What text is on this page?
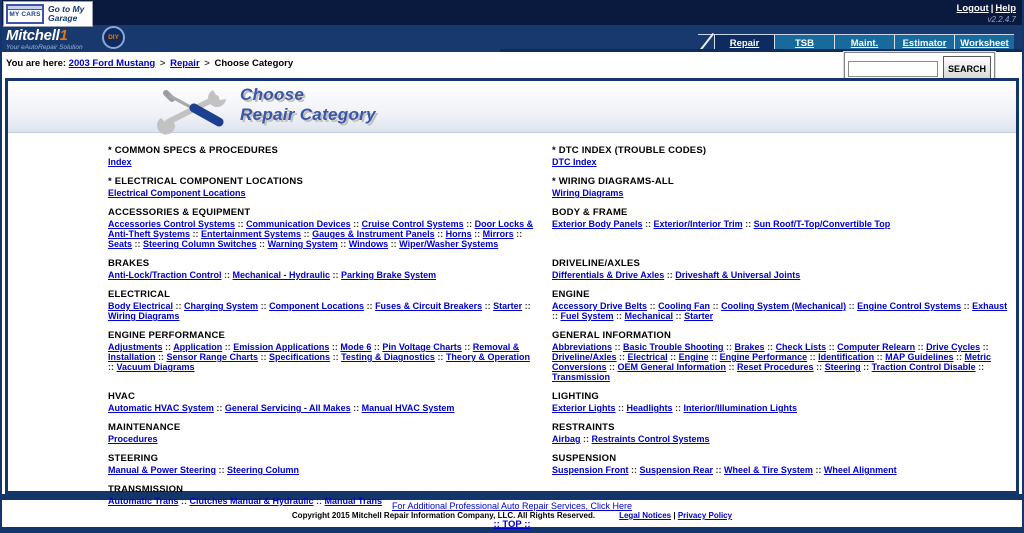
MY CARS
Go to My Garage
Logout | Help
v2.2.4.7
Mitchell1
Your eAutoRepair Solution
DIY
Repair	TSB	Maint.	Estimator	Worksheet
You are here: 2003 Ford Mustang > Repair > Choose Category	SEARCH
Choose
Repair Category
* COMMON SPECS & PROCEDURES
Index
* DTC INDEX (TROUBLE CODES)
DTC Index
* ELECTRICAL COMPONENT LOCATIONS
Electrical Component Locations
* WIRING DIAGRAMS-ALL
Wiring Diagrams
ACCESSORIES & EQUIPMENT
Accessories Control Systems :: Communication Devices :: Cruise Control Systems :: Door Locks & Anti-Theft Systems :: Entertainment Systems :: Gauges & Instrument Panels :: Horns :: Mirrors :: Seats :: Steering Column Switches :: Warning System :: Windows :: Wiper/Washer Systems
BODY & FRAME
Exterior Body Panels :: Exterior/Interior Trim :: Sun Roof/T-Top/Convertible Top
BRAKES
Anti-Lock/Traction Control :: Mechanical - Hydraulic :: Parking Brake System
DRIVELINE/AXLES
Differentials & Drive Axles :: Driveshaft & Universal Joints
ELECTRICAL
Body Electrical :: Charging System :: Component Locations :: Fuses & Circuit Breakers :: Starter :: Wiring Diagrams
ENGINE
Accessory Drive Belts :: Cooling Fan :: Cooling System (Mechanical) :: Engine Control Systems :: Exhaust :: Fuel System :: Mechanical :: Starter
ENGINE PERFORMANCE
Adjustments :: Application :: Emission Applications :: Mode 6 :: Pin Voltage Charts :: Removal & Installation :: Sensor Range Charts :: Specifications :: Testing & Diagnostics :: Theory & Operation :: Vacuum Diagrams
GENERAL INFORMATION
Abbreviations :: Basic Trouble Shooting :: Brakes :: Check Lists :: Computer Relearn :: Drive Cycles :: Driveline/Axles :: Electrical :: Engine :: Engine Performance :: Identification :: MAP Guidelines :: Metric Conversions :: OEM General Information :: Reset Procedures :: Steering :: Traction Control Disable :: Transmission
HVAC
Automatic HVAC System :: General Servicing - All Makes :: Manual HVAC System
LIGHTING
Exterior Lights :: Headlights :: Interior/Illumination Lights
MAINTENANCE
Procedures
RESTRAINTS
Airbag :: Restraints Control Systems
STEERING
Manual & Power Steering :: Steering Column
SUSPENSION
Suspension Front :: Suspension Rear :: Wheel & Tire System :: Wheel Alignment
TRANSMISSION
Automatic Trans :: Clutches Manual & Hydraulic :: Manual Trans	For Additional Professional Auto Repair Services, Click Here
Copyright 2015 Mitchell Repair Information Company, LLC. All Rights Reserved.	Legal Notices | Privacy Policy
:: TOP ::
